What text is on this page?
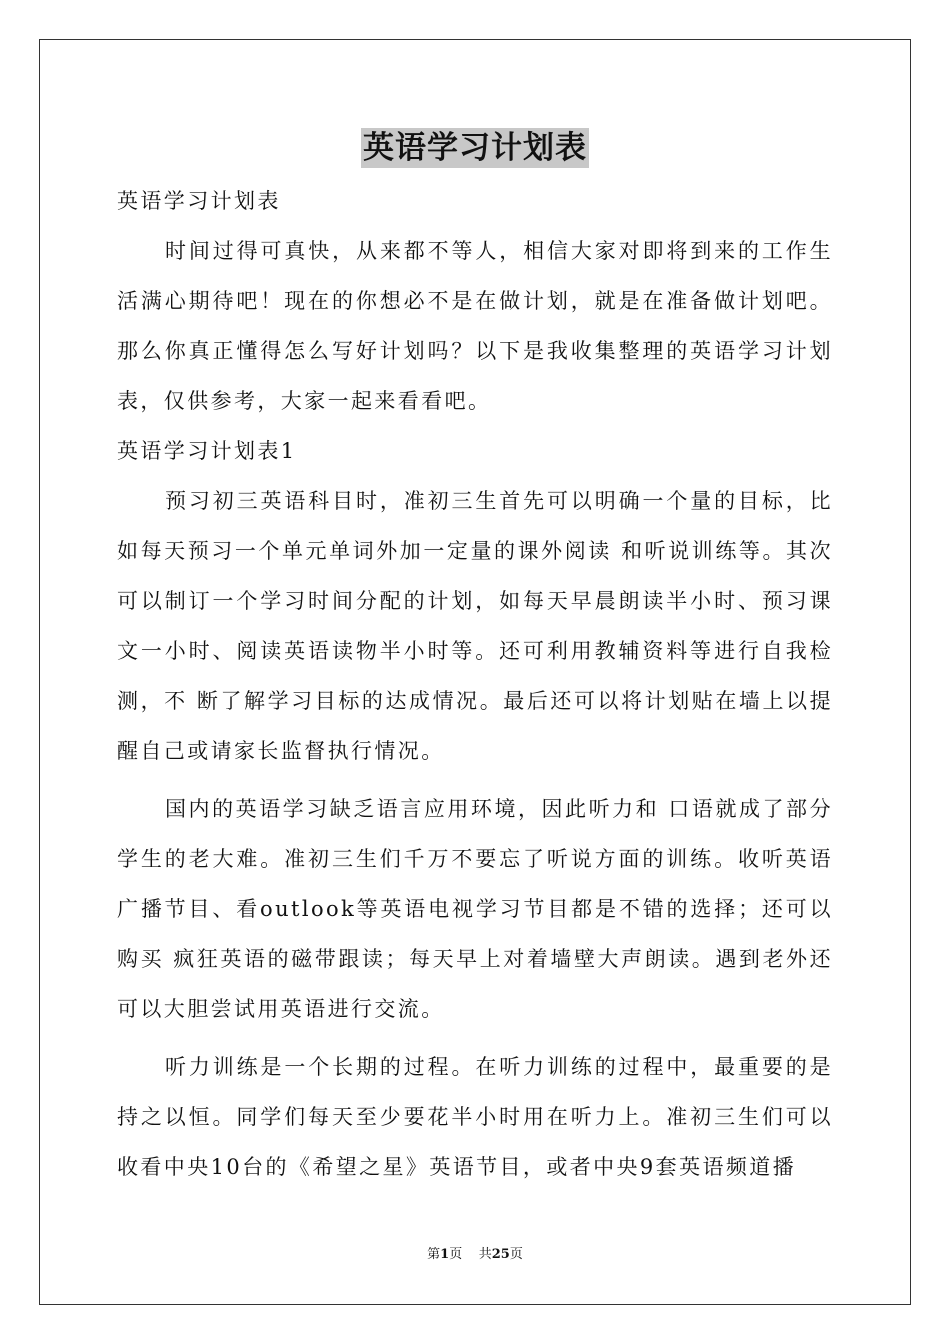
英语学习计划表

英语学习计划表

时间过得可真快，从来都不等人，相信大家对即将到来的工作生活满心期待吧！现在的你想必不是在做计划，就是在准备做计划吧。那么你真正懂得怎么写好计划吗？以下是我收集整理的英语学习计划表，仅供参考，大家一起来看看吧。

英语学习计划表1

预习初三英语科目时，准初三生首先可以明确一个量的目标，比如每天预习一个单元单词外加一定量的课外阅读 和听说训练等。其次可以制订一个学习时间分配的计划，如每天早晨朗读半小时、预习课文一小时、阅读英语读物半小时等。还可利用教辅资料等进行自我检测，不 断了解学习目标的达成情况。最后还可以将计划贴在墙上以提醒自己或请家长监督执行情况。

国内的英语学习缺乏语言应用环境，因此听力和 口语就成了部分学生的老大难。准初三生们千万不要忘了听说方面的训练。收听英语广播节目、看outlook等英语电视学习节目都是不错的选择；还可以购买 疯狂英语的磁带跟读；每天早上对着墙壁大声朗读。遇到老外还可以大胆尝试用英语进行交流。

听力训练是一个长期的过程。在听力训练的过程中，最重要的是持之以恒。同学们每天至少要花半小时用在听力上。准初三生们可以收看中央10台的《希望之星》英语节目，或者中央9套英语频道播

第1页 共25页
